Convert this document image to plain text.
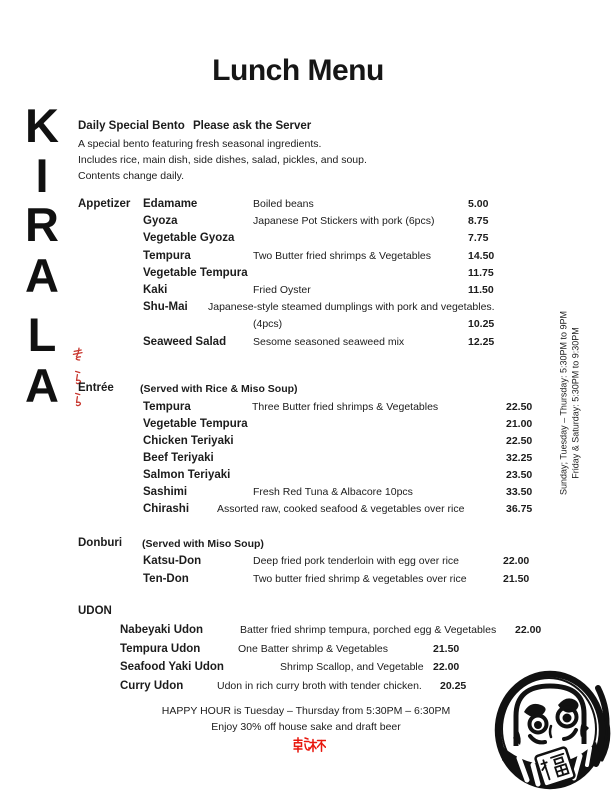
Lunch Menu
K
I
R
A
L
A
Daily Special Bento Please ask the Server
A special bento featuring fresh seasonal ingredients.
Includes rice, main dish, side dishes, salad, pickles, and soup.
Contents change daily.
Appetizer Edamame	Boiled beans	5.00
Gyoza	Japanese Pot Stickers with pork (6pcs)	8.75
Vegetable Gyoza	7.75
Tempura	Two Butter fried shrimps & Vegetables	14.50
Vegetable Tempura	11.75
Kaki	Fried Oyster	11.50
Shu-Mai Japanese-style steamed dumplings with pork and vegetables.
(4pcs)	10.25
Seaweed Salad	Sesome seasoned seaweed mix	12.25
Entrée (Served with Rice & Miso Soup)
Tempura	Three Butter fried shrimps & Vegetables	22.50
Vegetable Tempura	21.00
Chicken Teriyaki	22.50
Beef Teriyaki	32.25
Salmon Teriyaki	23.50
Sashimi	Fresh Red Tuna & Albacore 10pcs	33.50
Chirashi	Assorted raw, cooked seafood & vegetables over rice	36.75
Donburi (Served with Miso Soup)
Katsu-Don	Deep fried pork tenderloin with egg over rice	22.00
Ten-Don	Two butter fried shrimp & vegetables over rice	21.50
UDON
Nabeyaki Udon	Batter fried shrimp tempura, porched egg & Vegetables 22.00
Tempura Udon	One Batter shrimp & Vegetables	21.50
Seafood Yaki Udon	Shrimp Scallop, and Vegetable 22.00
Curry Udon	Udon in rich curry broth with tender chicken. 20.25
Sunday; Tuesday – Thursday: 5:30PM to 9PM Friday & Saturday: 5:30PM to 9:30PM
HAPPY HOUR is Tuesday – Thursday from 5:30PM – 6:30PM
Enjoy 30% off house sake and draft beer
